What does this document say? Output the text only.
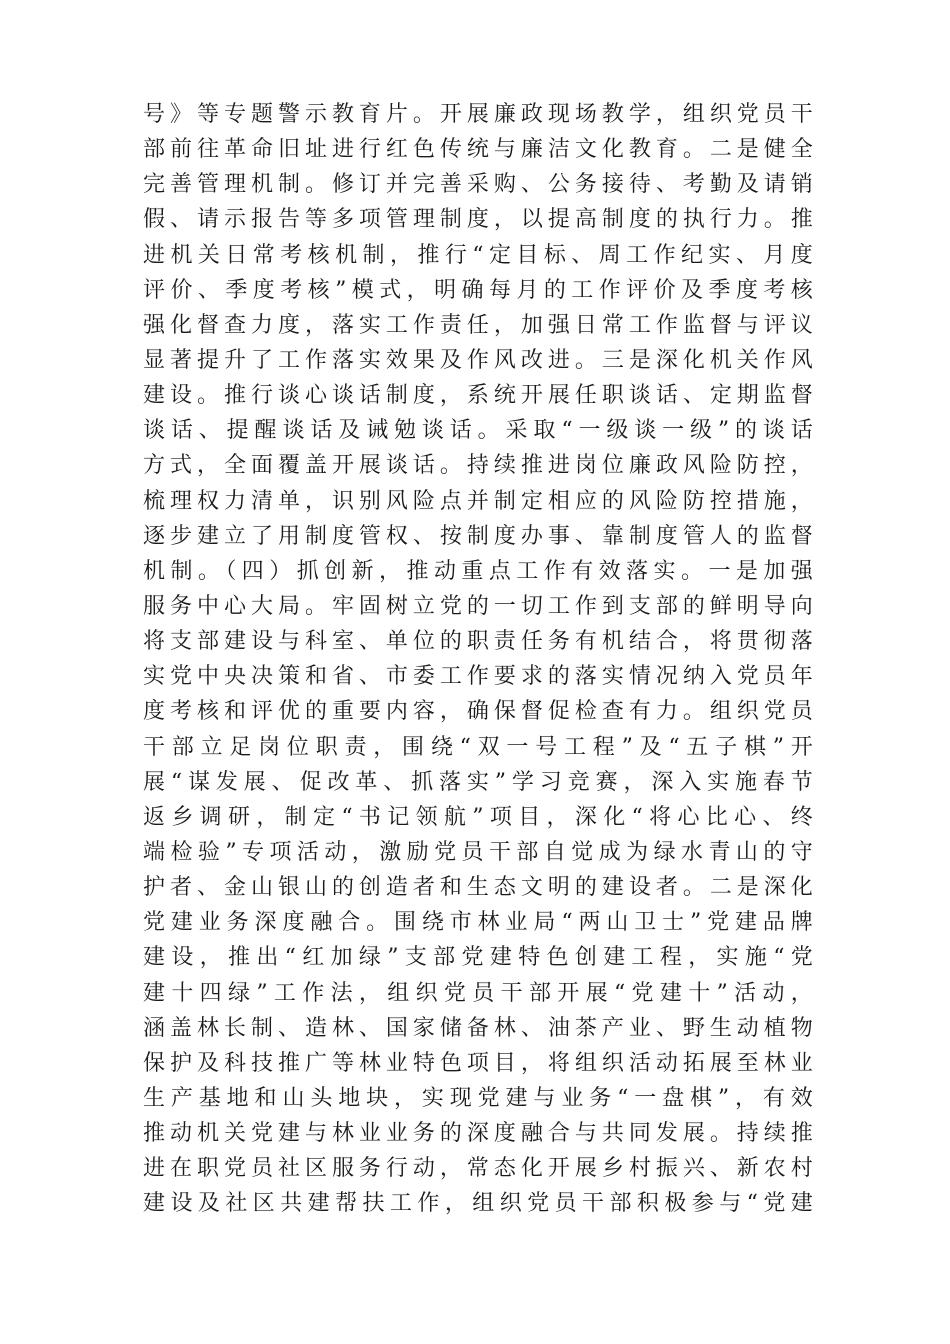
号》等专题警示教育片。开展廉政现场教学，组织党员干
部前往革命旧址进行红色传统与廉洁文化教育。二是健全
完善管理机制。修订并完善采购、公务接待、考勤及请销
假、请示报告等多项管理制度，以提高制度的执行力。推
进机关日常考核机制，推行“定目标、周工作纪实、月度
评价、季度考核”模式，明确每月的工作评价及季度考核
强化督查力度，落实工作责任，加强日常工作监督与评议
显著提升了工作落实效果及作风改进。三是深化机关作风
建设。推行谈心谈话制度，系统开展任职谈话、定期监督
谈话、提醒谈话及诫勉谈话。采取“一级谈一级”的谈话
方式，全面覆盖开展谈话。持续推进岗位廉政风险防控，
梳理权力清单，识别风险点并制定相应的风险防控措施，
逐步建立了用制度管权、按制度办事、靠制度管人的监督
机制。（四）抓创新，推动重点工作有效落实。一是加强
服务中心大局。牢固树立党的一切工作到支部的鲜明导向
将支部建设与科室、单位的职责任务有机结合，将贯彻落
实党中央决策和省、市委工作要求的落实情况纳入党员年
度考核和评优的重要内容，确保督促检查有力。组织党员
干部立足岗位职责，围绕“双一号工程”及“五子棋”开
展“谋发展、促改革、抓落实”学习竞赛，深入实施春节
返乡调研，制定“书记领航”项目，深化“将心比心、终
端检验”专项活动，激励党员干部自觉成为绿水青山的守
护者、金山银山的创造者和生态文明的建设者。二是深化
党建业务深度融合。围绕市林业局“两山卫士”党建品牌
建设，推出“红加绿”支部党建特色创建工程，实施“党
建十四绿”工作法，组织党员干部开展“党建十”活动，
涵盖林长制、造林、国家储备林、油茶产业、野生动植物
保护及科技推广等林业特色项目，将组织活动拓展至林业
生产基地和山头地块，实现党建与业务“一盘棋”，有效
推动机关党建与林业业务的深度融合与共同发展。持续推
进在职党员社区服务行动，常态化开展乡村振兴、新农村
建设及社区共建帮扶工作，组织党员干部积极参与“党建
